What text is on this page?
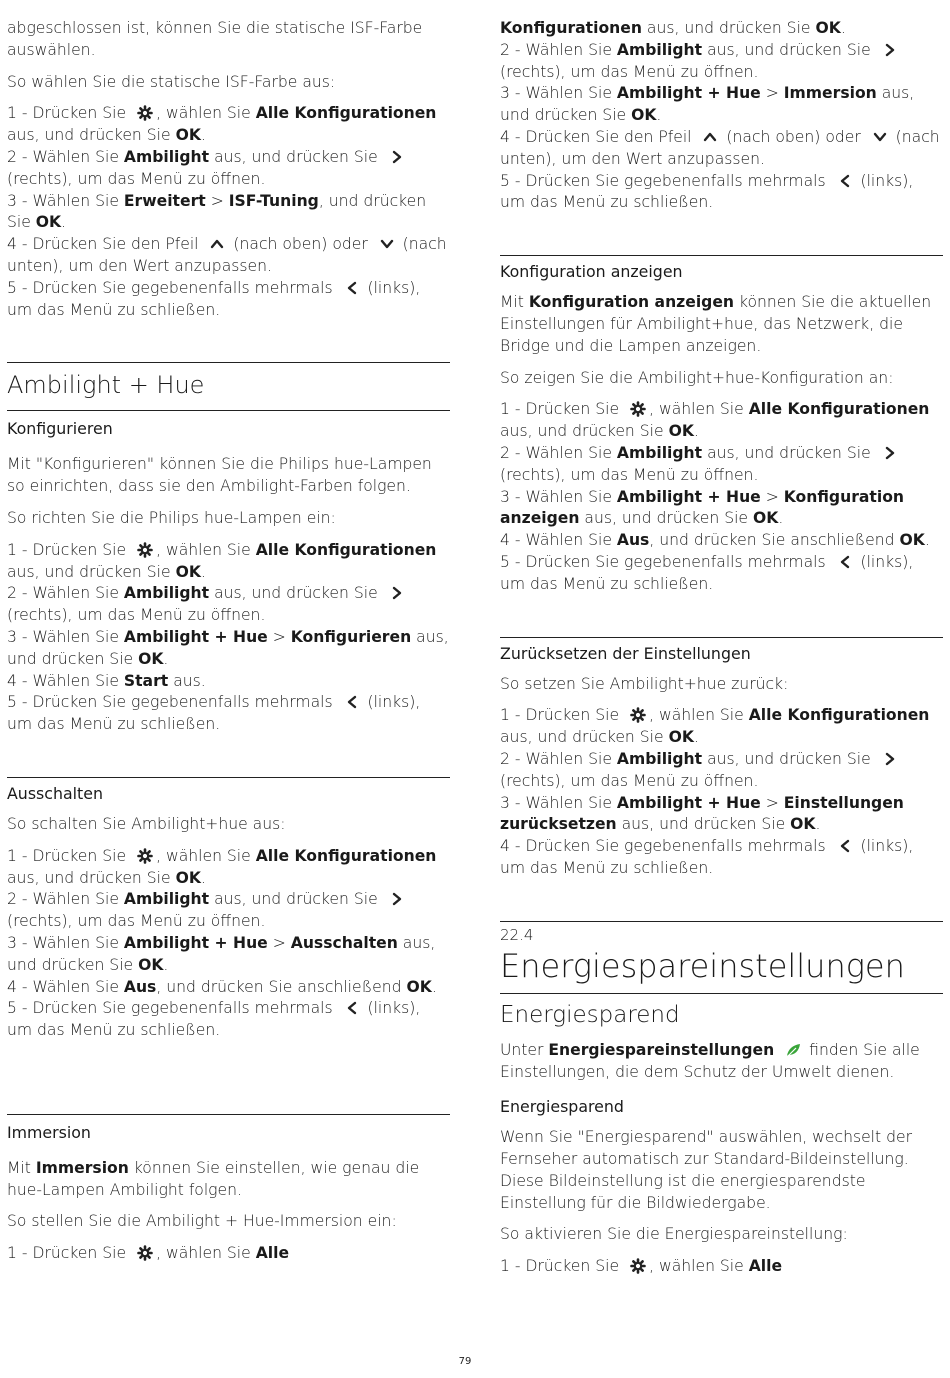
abgeschlossen ist, können Sie die statische ISF-Farbe auswählen.

So wählen Sie die statische ISF-Farbe aus:

1 - Drücken Sie , wählen Sie Alle Konfigurationen aus, und drücken Sie OK.

2 - Wählen Sie Ambilight aus, und drücken Sie  (rechts), um das Menü zu öffnen.

3 - Wählen Sie Erweitert > ISF-Tuning, und drücken Sie OK.

4 - Drücken Sie den Pfeil  (nach oben) oder  (nach unten), um den Wert anzupassen.

5 - Drücken Sie gegebenenfalls mehrmals  (links), um das Menü zu schließen.

Ambilight + Hue
Konfigurieren

Mit "Konfigurieren" können Sie die Philips hue-Lampen so einrichten, dass sie den Ambilight-Farben folgen.

So richten Sie die Philips hue-Lampen ein:

1 - Drücken Sie , wählen Sie Alle Konfigurationen aus, und drücken Sie OK.

2 - Wählen Sie Ambilight aus, und drücken Sie  (rechts), um das Menü zu öffnen.

3 - Wählen Sie Ambilight + Hue > Konfigurieren aus, und drücken Sie OK.

4 - Wählen Sie Start aus.

5 - Drücken Sie gegebenenfalls mehrmals  (links), um das Menü zu schließen.

Ausschalten

So schalten Sie Ambilight+hue aus:

1 - Drücken Sie , wählen Sie Alle Konfigurationen aus, und drücken Sie OK.

2 - Wählen Sie Ambilight aus, und drücken Sie  (rechts), um das Menü zu öffnen.

3 - Wählen Sie Ambilight + Hue > Ausschalten aus, und drücken Sie OK.

4 - Wählen Sie Aus, und drücken Sie anschließend OK.

5 - Drücken Sie gegebenenfalls mehrmals  (links), um das Menü zu schließen.

Immersion

Mit Immersion können Sie einstellen, wie genau die hue-Lampen Ambilight folgen.

So stellen Sie die Ambilight + Hue-Immersion ein:

1 - Drücken Sie , wählen Sie Alle

Konfigurationen aus, und drücken Sie OK.

2 - Wählen Sie Ambilight aus, und drücken Sie  (rechts), um das Menü zu öffnen.

3 - Wählen Sie Ambilight + Hue > Immersion aus, und drücken Sie OK.

4 - Drücken Sie den Pfeil  (nach oben) oder  (nach unten), um den Wert anzupassen.

5 - Drücken Sie gegebenenfalls mehrmals  (links), um das Menü zu schließen.

Konfiguration anzeigen

Mit Konfiguration anzeigen können Sie die aktuellen Einstellungen für Ambilight+hue, das Netzwerk, die Bridge und die Lampen anzeigen.

So zeigen Sie die Ambilight+hue-Konfiguration an:

1 - Drücken Sie , wählen Sie Alle Konfigurationen aus, und drücken Sie OK.

2 - Wählen Sie Ambilight aus, und drücken Sie  (rechts), um das Menü zu öffnen.

3 - Wählen Sie Ambilight + Hue > Konfiguration anzeigen aus, und drücken Sie OK.

4 - Wählen Sie Aus, und drücken Sie anschließend OK.

5 - Drücken Sie gegebenenfalls mehrmals  (links), um das Menü zu schließen.

Zurücksetzen der Einstellungen

So setzen Sie Ambilight+hue zurück:

1 - Drücken Sie , wählen Sie Alle Konfigurationen aus, und drücken Sie OK.

2 - Wählen Sie Ambilight aus, und drücken Sie  (rechts), um das Menü zu öffnen.

3 - Wählen Sie Ambilight + Hue > Einstellungen zurücksetzen aus, und drücken Sie OK.

4 - Drücken Sie gegebenenfalls mehrmals  (links), um das Menü zu schließen.

22.4
Energiespareinstellungen
Energiesparend

Unter Energiespareinstellungen  finden Sie alle Einstellungen, die dem Schutz der Umwelt dienen.

Energiesparend

Wenn Sie "Energiesparend" auswählen, wechselt der Fernseher automatisch zur Standard-Bildeinstellung. Diese Bildeinstellung ist die energiesparendste Einstellung für die Bildwiedergabe.

So aktivieren Sie die Energiespareinstellung:

1 - Drücken Sie , wählen Sie Alle

79
